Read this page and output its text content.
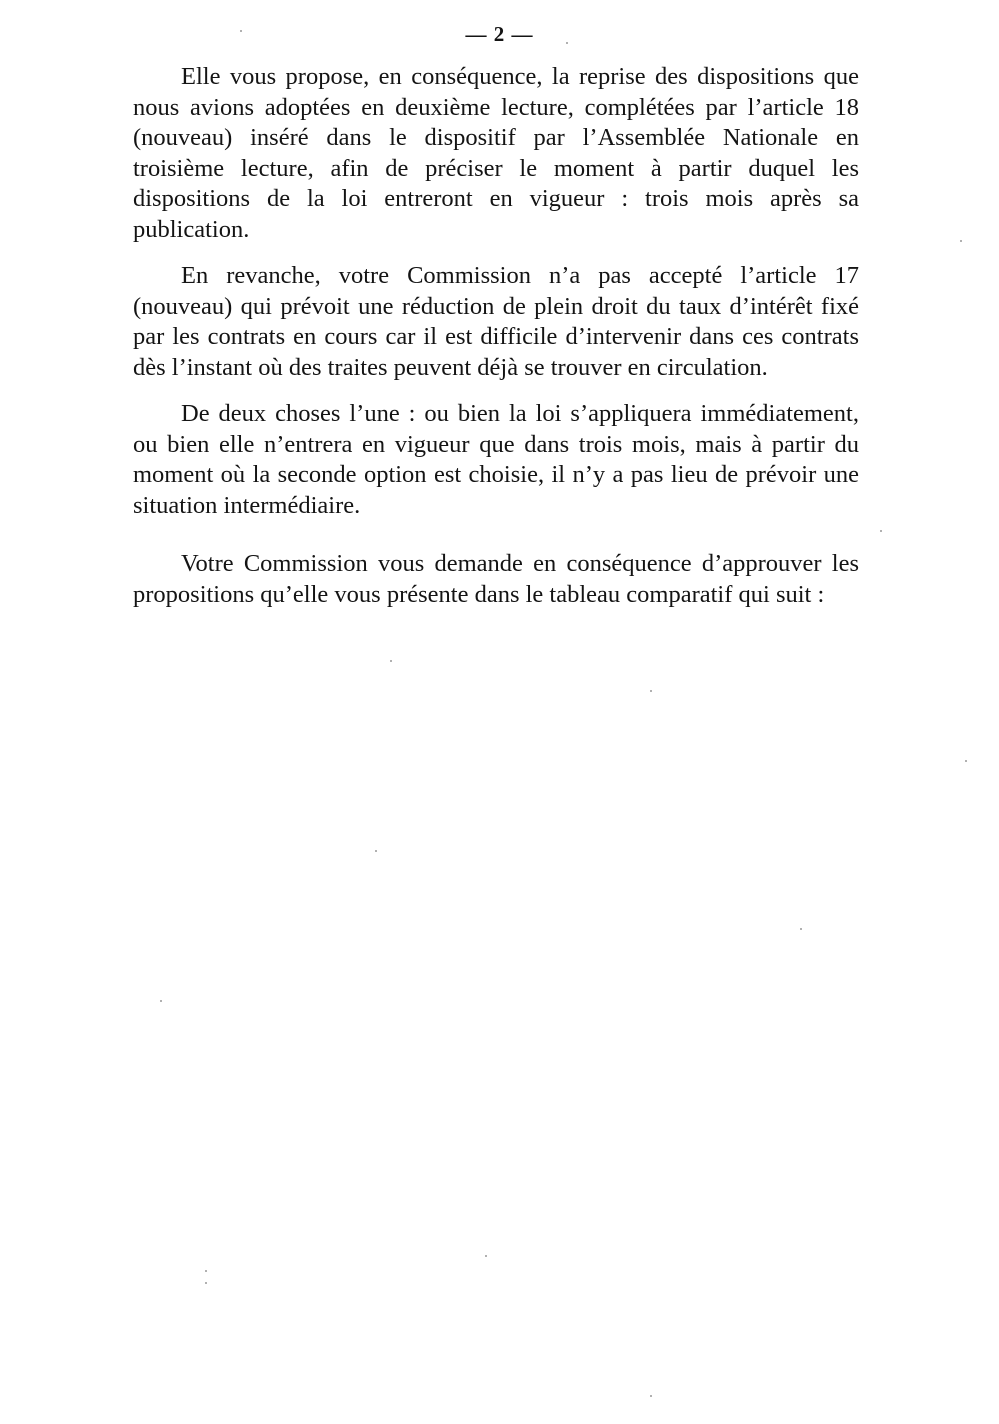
— 2 —

Elle vous propose, en conséquence, la reprise des dispositions que nous avions adoptées en deuxième lecture, complétées par l’article 18 (nouveau) inséré dans le dispositif par l’Assemblée Nationale en troisième lecture, afin de préciser le moment à partir duquel les dispositions de la loi entreront en vigueur : trois mois après sa publication.

En revanche, votre Commission n’a pas accepté l’article 17 (nouveau) qui prévoit une réduction de plein droit du taux d’intérêt fixé par les contrats en cours car il est difficile d’intervenir dans ces contrats dès l’instant où des traites peuvent déjà se trouver en circulation.

De deux choses l’une : ou bien la loi s’appliquera immédiatement, ou bien elle n’entrera en vigueur que dans trois mois, mais à partir du moment où la seconde option est choisie, il n’y a pas lieu de prévoir une situation intermédiaire.

Votre Commission vous demande en conséquence d’approuver les propositions qu’elle vous présente dans le tableau comparatif qui suit :
